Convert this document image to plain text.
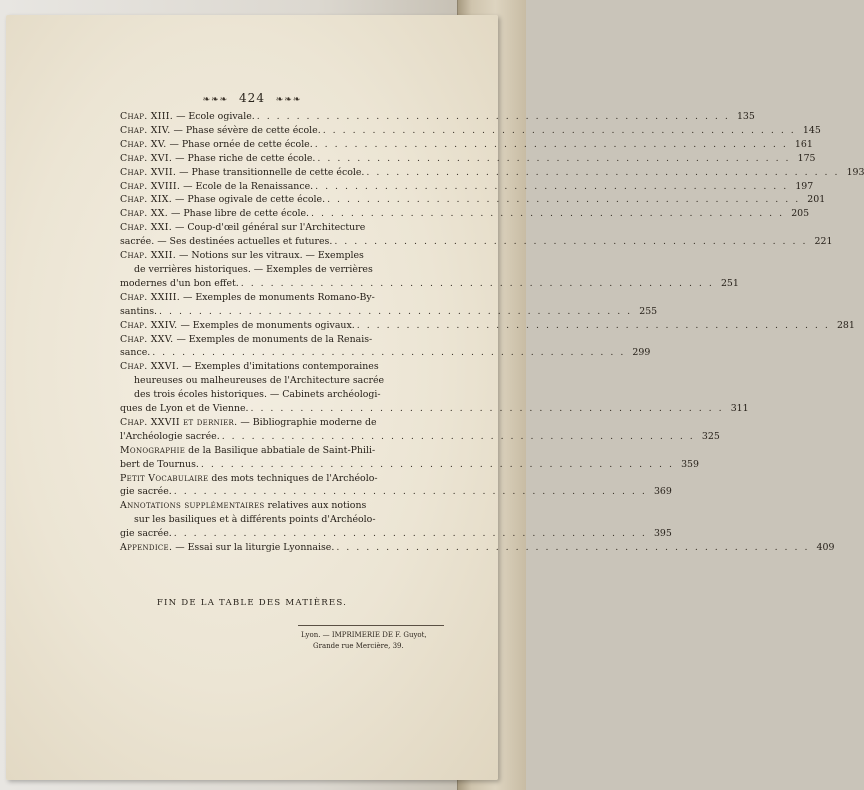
❧❧❧ 424 ❧❧❧
Chap. XIII. — Ecole ogivale. . . .	135
Chap. XIV. — Phase sévère de cette école. . . .	145
Chap. XV. — Phase ornée de cette école. . . .	161
Chap. XVI. — Phase riche de cette école. . . .	175
Chap. XVII. — Phase transitionnelle de cette école. . . .	193
Chap. XVIII. — Ecole de la Renaissance. . . .	197
Chap. XIX. — Phase ogivale de cette école. . . .	201
Chap. XX. — Phase libre de cette école. . . .	205
Chap. XXI. — Coup-d'œil général sur l'Architecture
sacrée. — Ses destinées actuelles et futures. . . .	221
Chap. XXII. — Notions sur les vitraux. — Exemples
de verrières historiques. — Exemples de verrières
modernes d'un bon effet. . . .	251
Chap. XXIII. — Exemples de monuments Romano-By-
santins. . . .	255
Chap. XXIV. — Exemples de monuments ogivaux. . . .	281
Chap. XXV. — Exemples de monuments de la Renais-
sance. . . .	299
Chap. XXVI. — Exemples d'imitations contemporaines
heureuses ou malheureuses de l'Architecture sacrée
des trois écoles historiques. — Cabinets archéologi-
ques de Lyon et de Vienne. . . .	311
Chap. XXVII et dernier. — Bibliographie moderne de
l'Archéologie sacrée. . . .	325
Monographie de la Basilique abbatiale de Saint-Phili-
bert de Tournus. . . .	359
Petit Vocabulaire des mots techniques de l'Archéolo-
gie sacrée. . . .	369
Annotations supplémentaires relatives aux notions
sur les basiliques et à différents points d'Archéolo-
gie sacrée. . . .	395
Appendice. — Essai sur la liturgie Lyonnaise. . . .	409
FIN DE LA TABLE DES MATIÈRES.
Lyon. — IMPRIMERIE DE F. Guyot,
Grande rue Mercière, 39.
